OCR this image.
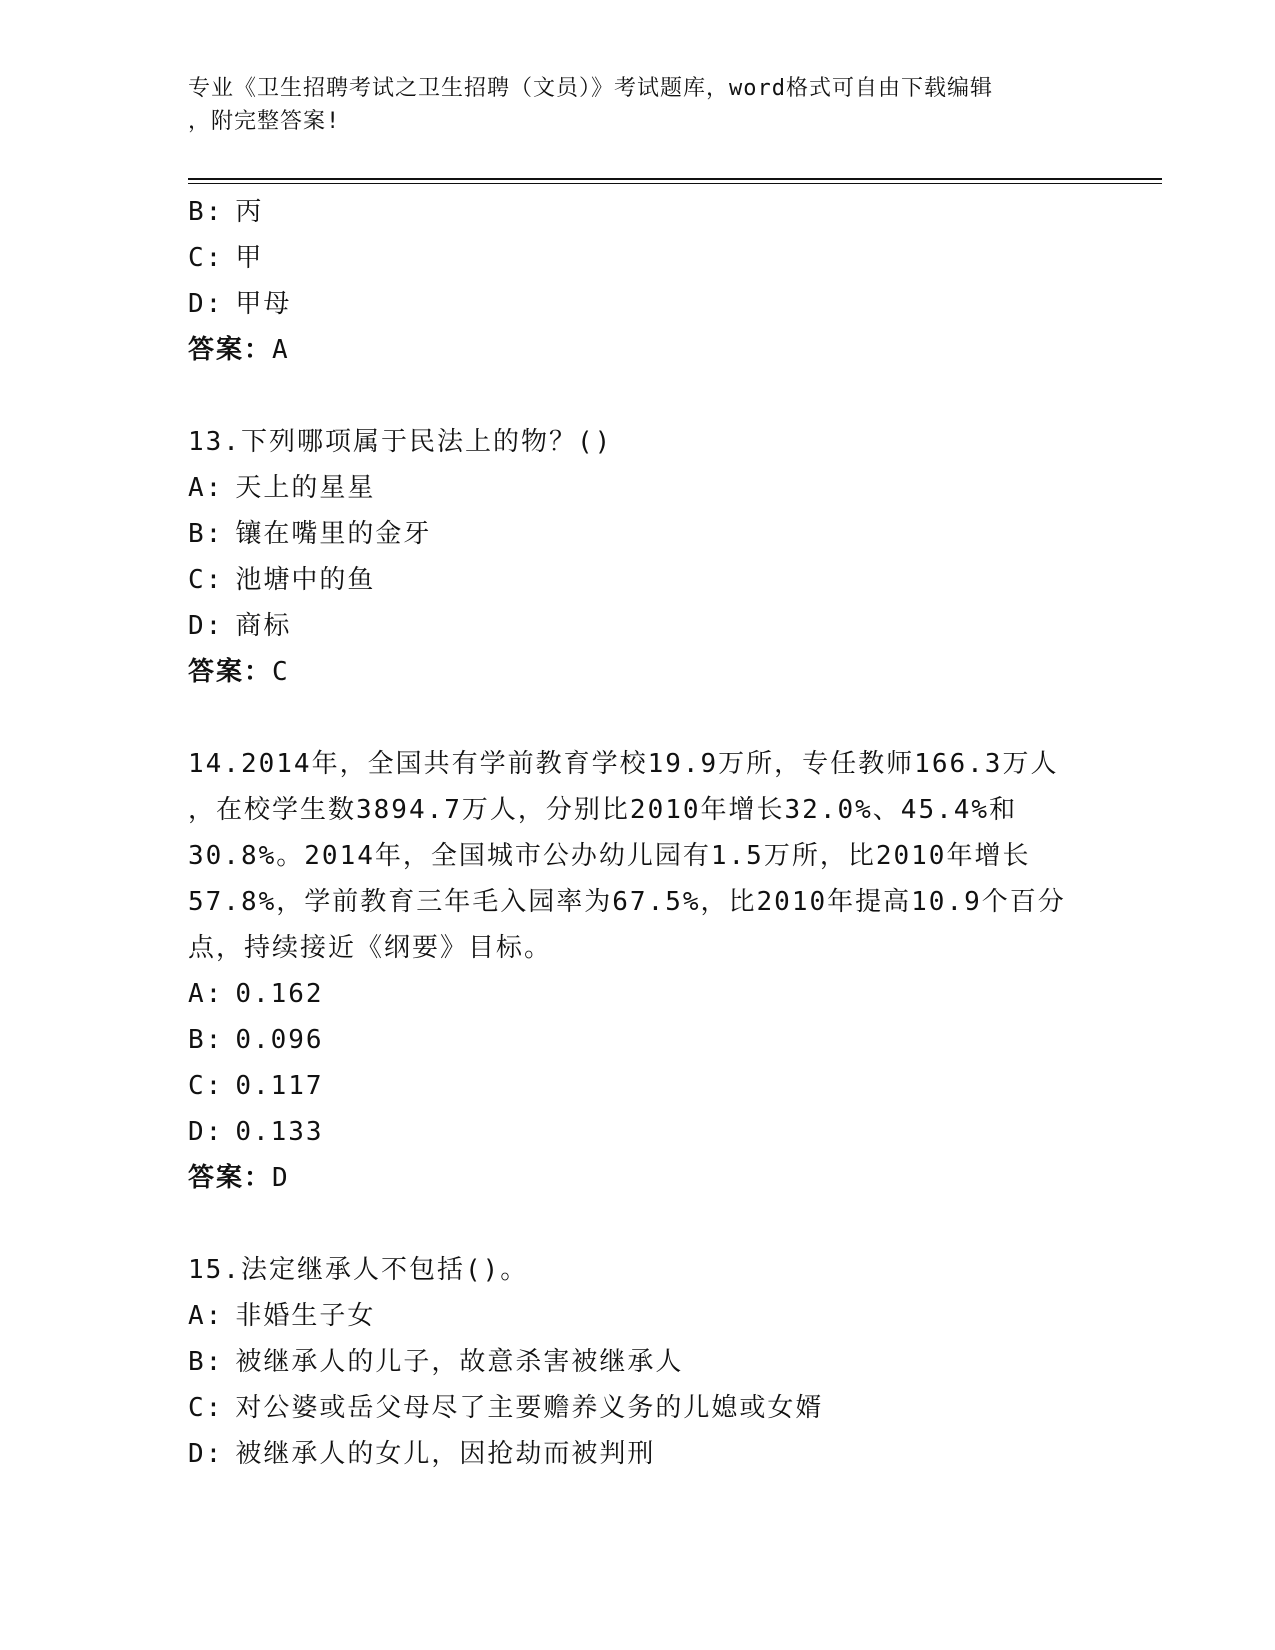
专业《卫生招聘考试之卫生招聘（文员）》考试题库，word格式可自由下载编辑
，附完整答案!
B: 丙
C: 甲
D: 甲母
答案：A
13.下列哪项属于民法上的物？()
A: 天上的星星
B: 镶在嘴里的金牙
C: 池塘中的鱼
D: 商标
答案：C
14.2014年，全国共有学前教育学校19.9万所，专任教师166.3万人
，在校学生数3894.7万人，分别比2010年增长32.0%、45.4%和
30.8%。2014年，全国城市公办幼儿园有1.5万所，比2010年增长
57.8%，学前教育三年毛入园率为67.5%，比2010年提高10.9个百分
点，持续接近《纲要》目标。
A: 0.162
B: 0.096
C: 0.117
D: 0.133
答案：D
15.法定继承人不包括()。
A: 非婚生子女
B: 被继承人的儿子，故意杀害被继承人
C: 对公婆或岳父母尽了主要赡养义务的儿媳或女婿
D: 被继承人的女儿，因抢劫而被判刑
